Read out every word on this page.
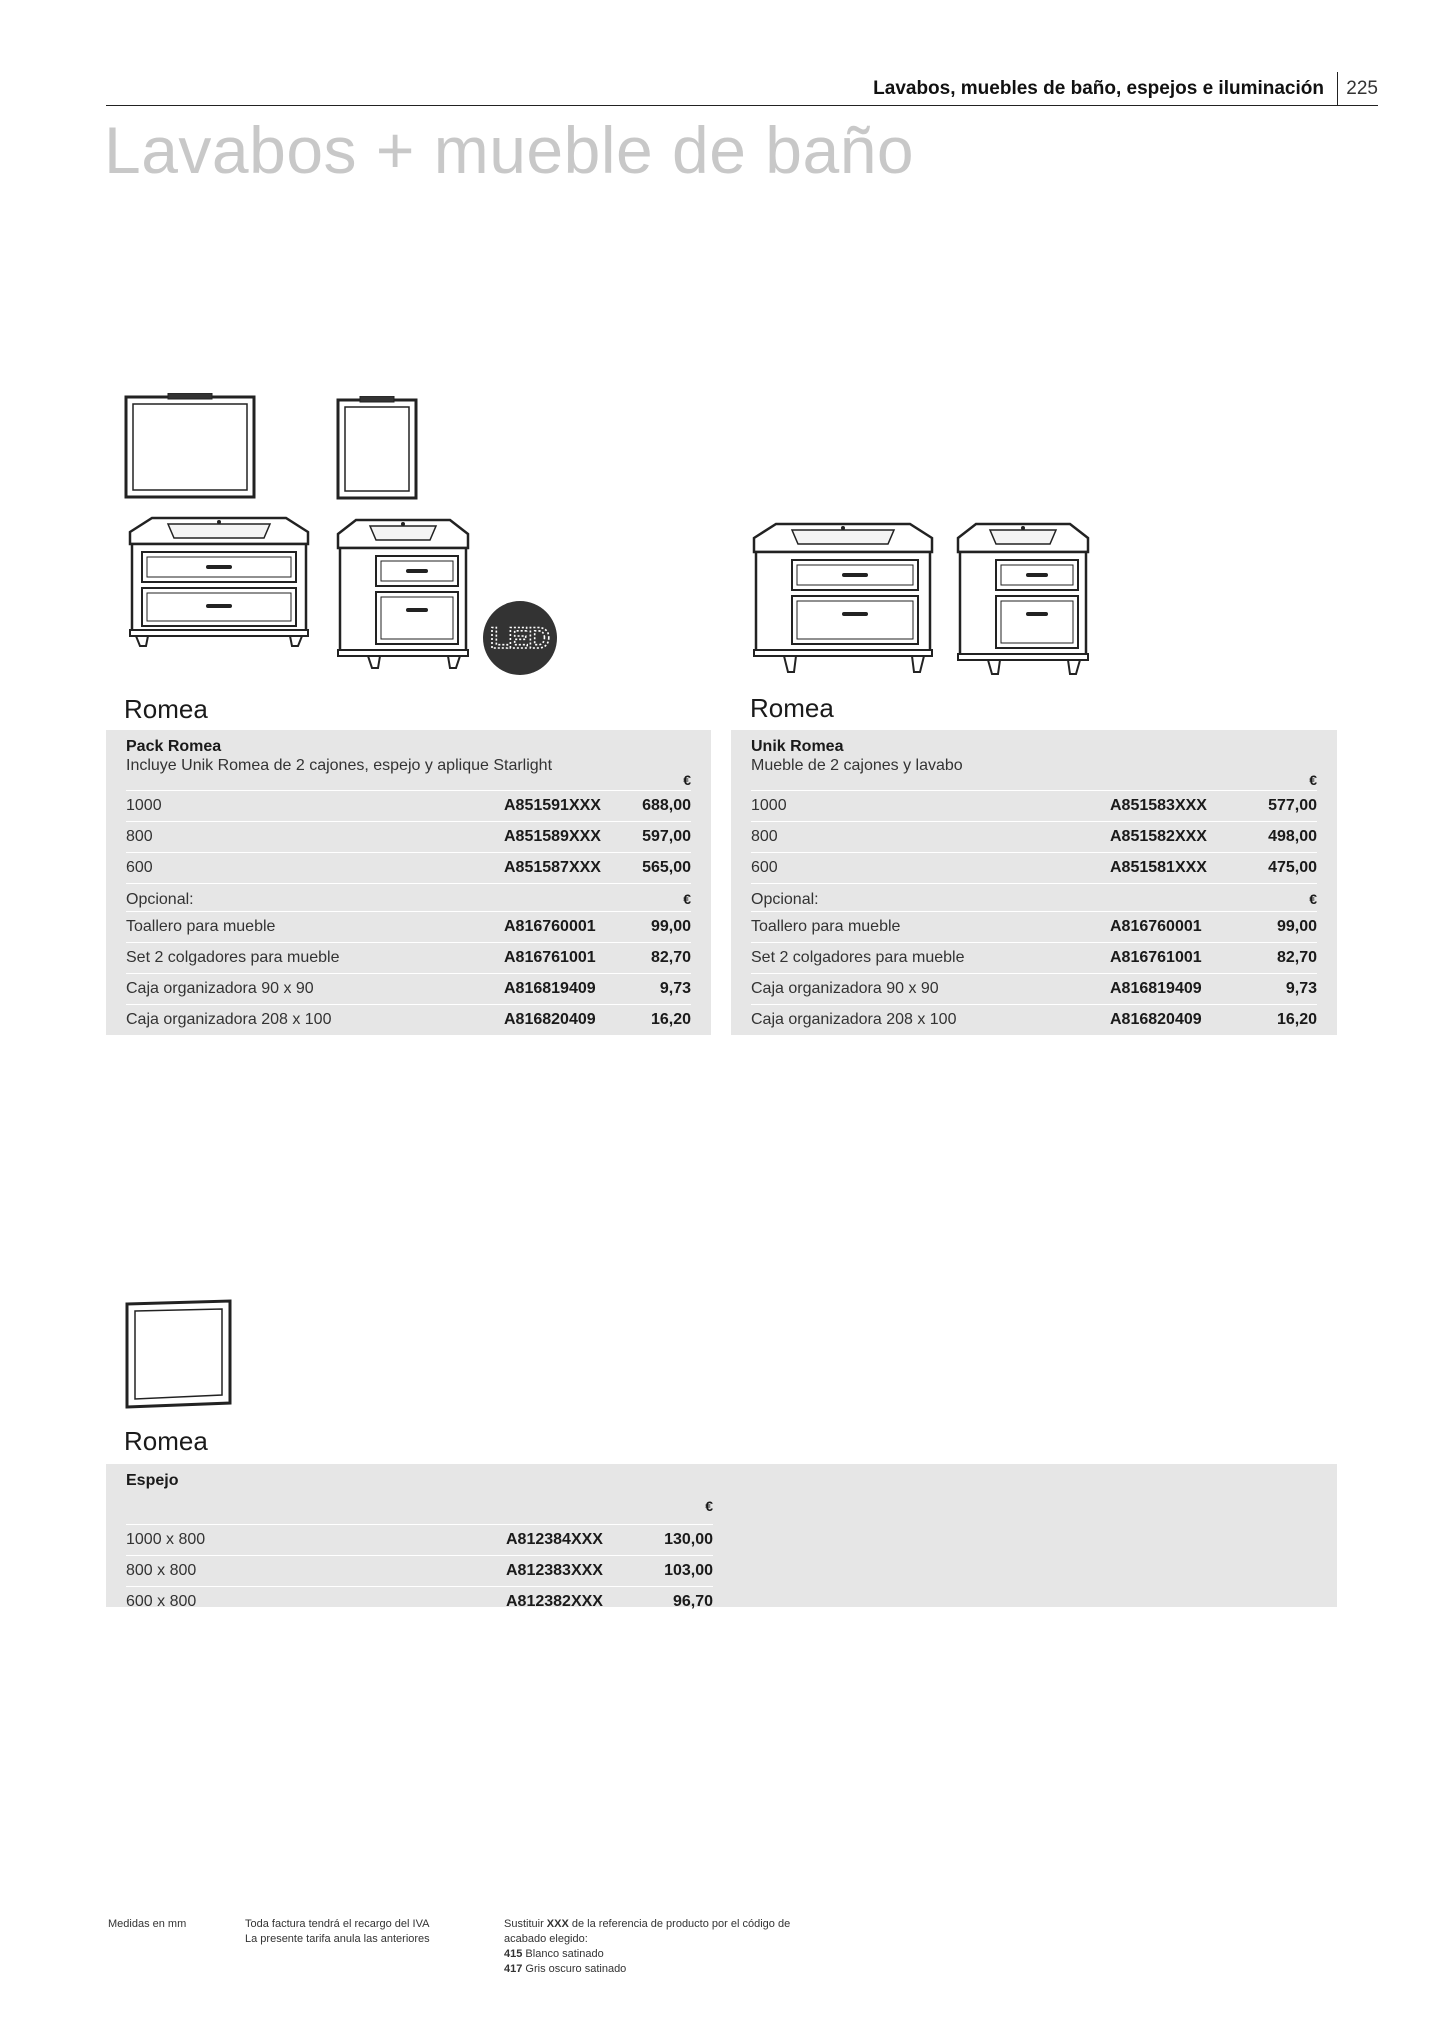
Lavabos, muebles de baño, espejos e iluminación 225
Lavabos + mueble de baño
LED
Romea	Romea
Pack Romea
Incluye Unik Romea de 2 cajones, espejo y aplique Starlight
€
1000	A851591XXX	688,00
800	A851589XXX	597,00
600	A851587XXX	565,00
Opcional:	€
Toallero para mueble	A816760001	99,00
Set 2 colgadores para mueble	A816761001	82,70
Caja organizadora 90 x 90	A816819409	9,73
Caja organizadora 208 x 100	A816820409	16,20
Unik Romea
Mueble de 2 cajones y lavabo
€
1000	A851583XXX	577,00
800	A851582XXX	498,00
600	A851581XXX	475,00
Opcional:	€
Toallero para mueble	A816760001	99,00
Set 2 colgadores para mueble	A816761001	82,70
Caja organizadora 90 x 90	A816819409	9,73
Caja organizadora 208 x 100	A816820409	16,20
Romea
Espejo
€
1000 x 800	A812384XXX	130,00
800 x 800	A812383XXX	103,00
600 x 800	A812382XXX	96,70
Medidas en mm	Toda factura tendrá el recargo del IVA
La presente tarifa anula las anteriores
Sustituir XXX de la referencia de producto por el código de
acabado elegido:
415 Blanco satinado
417 Gris oscuro satinado
